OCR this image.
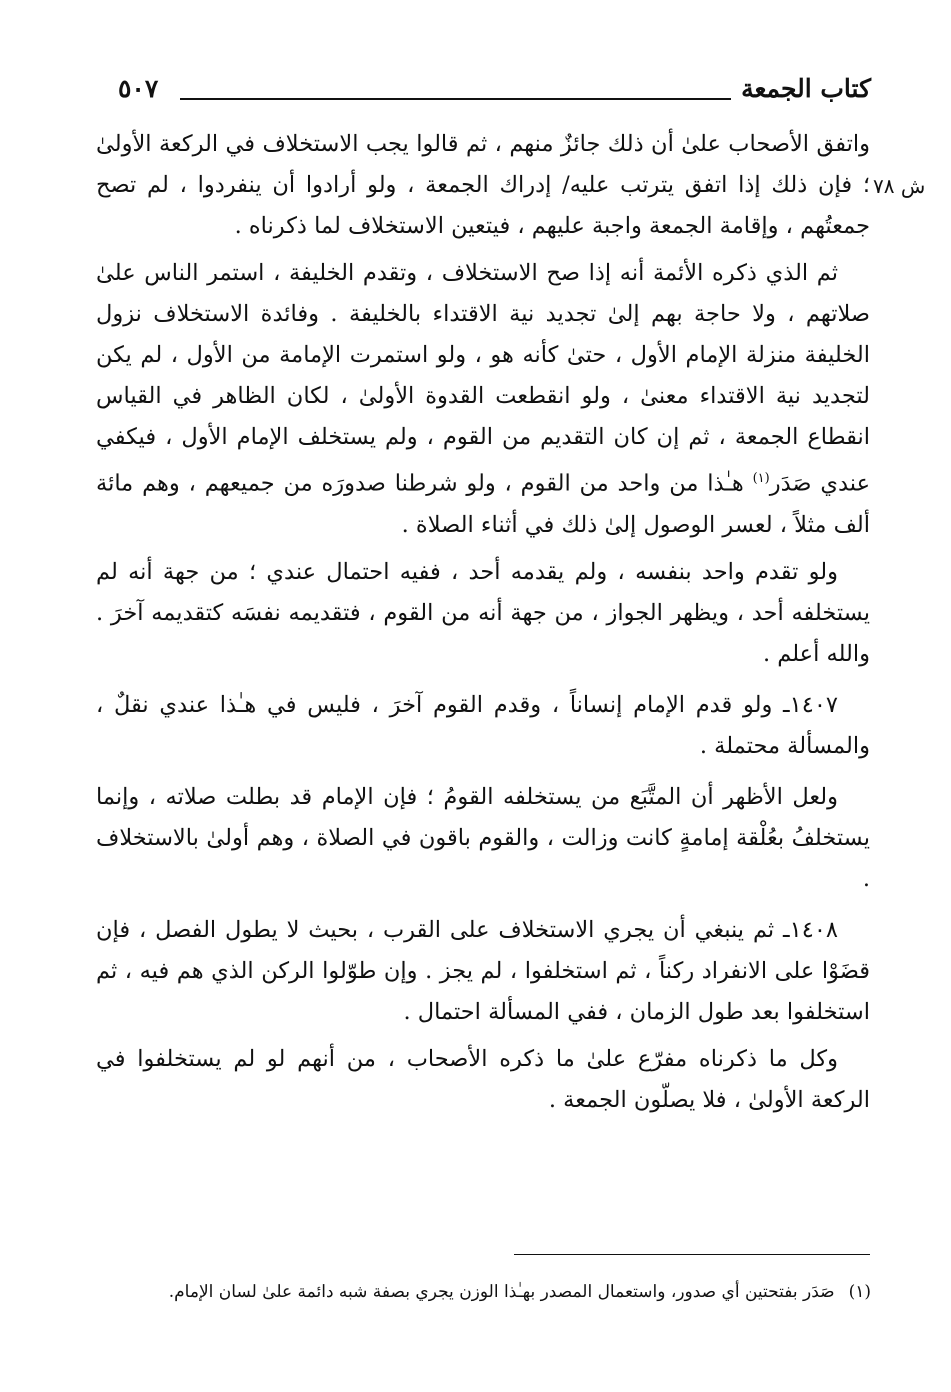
كتاب الجمعة
٥٠٧
ش ٧٨

واتفق الأصحاب علىٰ أن ذلك جائزٌ منهم ، ثم قالوا يجب الاستخلاف في الركعة الأولىٰ ؛ فإن ذلك إذا اتفق يترتب عليه/ إدراك الجمعة ، ولو أرادوا أن ينفردوا ، لم تصح جمعتُهم ، وإقامة الجمعة واجبة عليهم ، فيتعين الاستخلاف لما ذكرناه .

ثم الذي ذكره الأئمة أنه إذا صح الاستخلاف ، وتقدم الخليفة ، استمر الناس علىٰ صلاتهم ، ولا حاجة بهم إلىٰ تجديد نية الاقتداء بالخليفة . وفائدة الاستخلاف نزول الخليفة منزلة الإمام الأول ، حتىٰ كأنه هو ، ولو استمرت الإمامة من الأول ، لم يكن لتجديد نية الاقتداء معنىٰ ، ولو انقطعت القدوة الأولىٰ ، لكان الظاهر في القياس انقطاع الجمعة ، ثم إن كان التقديم من القوم ، ولم يستخلف الإمام الأول ، فيكفي عندي صَدَر$^{(١)}$ هـٰذا من واحد من القوم ، ولو شرطنا صدورَه من جميعهم ، وهم مائة ألف مثلاً ، لعسر الوصول إلىٰ ذلك في أثناء الصلاة .

ولو تقدم واحد بنفسه ، ولم يقدمه أحد ، ففيه احتمال عندي ؛ من جهة أنه لم يستخلفه أحد ، ويظهر الجواز ، من جهة أنه من القوم ، فتقديمه نفسَه كتقديمه آخرَ . والله أعلم .

١٤٠٧ـ ولو قدم الإمام إنساناً ، وقدم القوم آخرَ ، فليس في هـٰذا عندي نقلٌ ، والمسألة محتملة .

ولعل الأظهر أن المتَّبَع من يستخلفه القومُ ؛ فإن الإمام قد بطلت صلاته ، وإنما يستخلفُ بعُلْقة إمامةٍ كانت وزالت ، والقوم باقون في الصلاة ، وهم أولىٰ بالاستخلاف .

١٤٠٨ـ ثم ينبغي أن يجري الاستخلاف على القرب ، بحيث لا يطول الفصل ، فإن قضَوْا على الانفراد ركناً ، ثم استخلفوا ، لم يجز . وإن طوّلوا الركن الذي هم فيه ، ثم استخلفوا بعد طول الزمان ، ففي المسألة احتمال .

وكل ما ذكرناه مفرّع علىٰ ما ذكره الأصحاب ، من أنهم لو لم يستخلفوا في الركعة الأولىٰ ، فلا يصلّون الجمعة .

(١)صَدَر بفتحتين أي صدور، واستعمال المصدر بهـٰذا الوزن يجري بصفة شبه دائمة علىٰ لسان الإمام.
